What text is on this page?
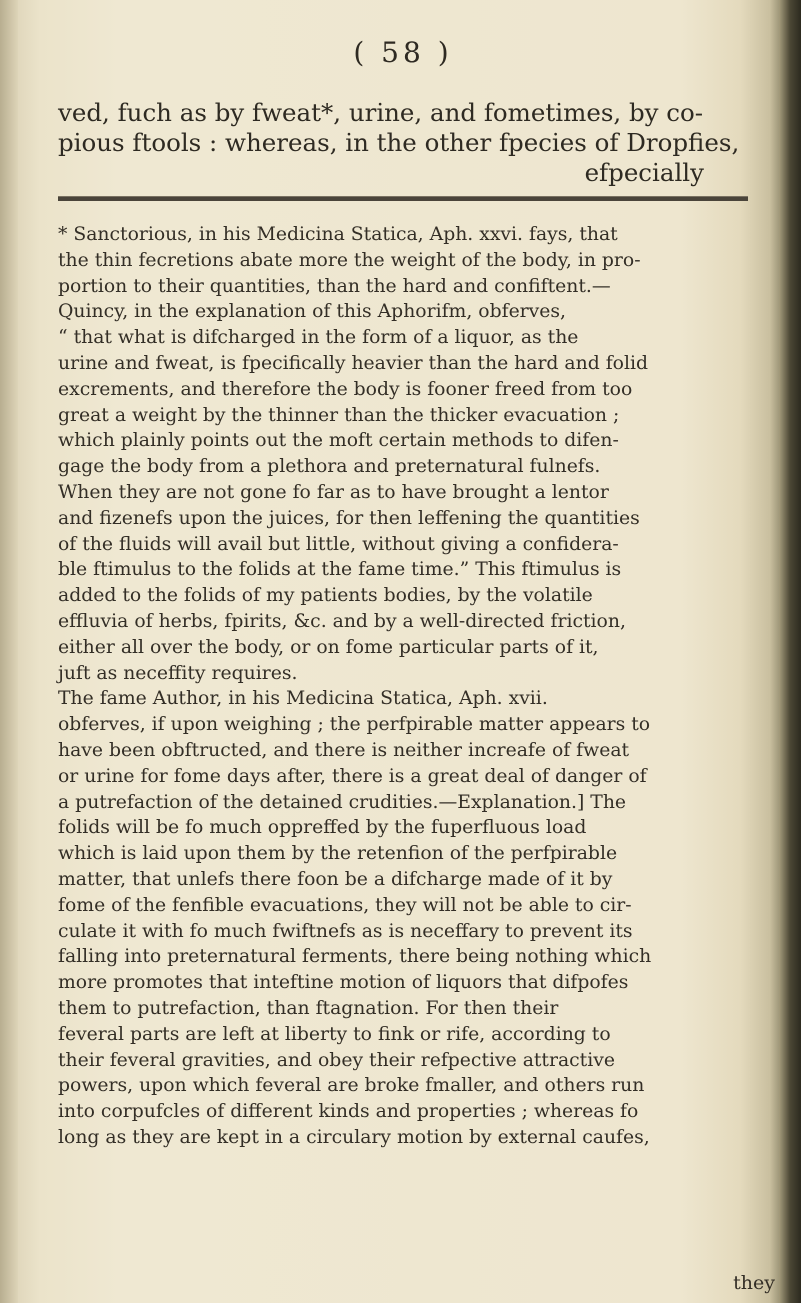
( 58 )
ved, fuch as by fweat*, urine, and fometimes, by co-
pious ftools : whereas, in the other fpecies of Dropfies,
efpecially
* Sanctorious, in his Medicina Statica, Aph. xxvi. fays, that
the thin fecretions abate more the weight of the body, in pro-
portion to their quantities, than the hard and confiftent.—
Quincy, in the explanation of this Aphorifm, obferves,
“ that what is difcharged in the form of a liquor, as the
urine and fweat, is fpecifically heavier than the hard and folid
excrements, and therefore the body is fooner freed from too
great a weight by the thinner than the thicker evacuation ;
which plainly points out the moft certain methods to difen-
gage the body from a plethora and preternatural fulnefs.
When they are not gone fo far as to have brought a lentor
and fizenefs upon the juices, for then leffening the quantities
of the fluids will avail but little, without giving a confidera-
ble ftimulus to the folids at the fame time.” This ftimulus is
added to the folids of my patients bodies, by the volatile
effluvia of herbs, fpirits, &c. and by a well-directed friction,
either all over the body, or on fome particular parts of it,
juft as neceffity requires.
The fame Author, in his Medicina Statica, Aph. xvii.
obferves, if upon weighing ; the perfpirable matter appears to
have been obftructed, and there is neither increafe of fweat
or urine for fome days after, there is a great deal of danger of
a putrefaction of the detained crudities.—Explanation.] The
folids will be fo much oppreffed by the fuperfluous load
which is laid upon them by the retenfion of the perfpirable
matter, that unlefs there foon be a difcharge made of it by
fome of the fenfible evacuations, they will not be able to cir-
culate it with fo much fwiftnefs as is neceffary to prevent its
falling into preternatural ferments, there being nothing which
more promotes that inteftine motion of liquors that difpofes
them to putrefaction, than ftagnation. For then their
feveral parts are left at liberty to fink or rife, according to
their feveral gravities, and obey their refpective attractive
powers, upon which feveral are broke fmaller, and others run
into corpufcles of different kinds and properties ; whereas fo
long as they are kept in a circulary motion by external caufes,
they
